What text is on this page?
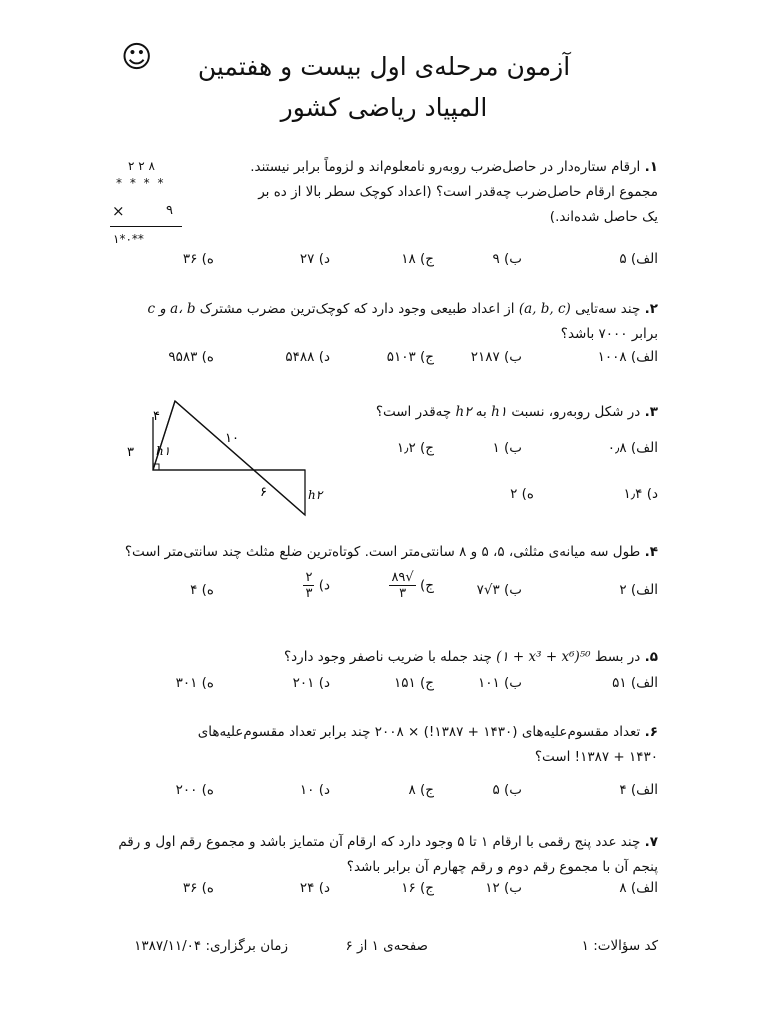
☺	آزمون مرحله‌ی اول بیست و هفتمین
المپیاد ریاضی کشور
۱. ارقام ستاره‌دار در حاصل‌ضرب روبه‌رو نامعلوم‌اند و لزوماً برابر نیستند.
مجموع ارقام حاصل‌ضرب چه‌قدر است؟ (اعداد کوچک سطر بالا از ده بر
یک حاصل شده‌اند.)
۲ ۲ ۸
* * * *
×	۹
۱*۰**
الف) ۵
ب) ۹
ج) ۱۸
د) ۲۷
ه) ۳۶
۲. چند سه‌تایی (a, b, c) از اعداد طبیعی وجود دارد که کوچک‌ترین مضرب مشترک a، b و c
برابر ۷۰۰۰ باشد؟
الف) ۱۰۰۸
ب) ۲۱۸۷
ج) ۵۱۰۳
د) ۵۴۸۸
ه) ۹۵۸۳
۳. در شکل روبه‌رو، نسبت h۱ به h۲ چه‌قدر است؟
الف) ۰٫۸
ب) ۱
ج) ۱٫۲
د) ۱٫۴
ه) ۲
۴
۳
۱۰
۶
h۱
h۲
۴. طول سه میانه‌ی مثلثی، ۵، ۵ و ۸ سانتی‌متر است. کوتاه‌ترین ضلع مثلث چند سانتی‌متر است؟
الف) ۲
ب) ۳√۷
ج)
$\frac{√۸۹}{۳}$
د)
$\frac{۲}{۳}$
ه) ۴
۵. در بسط (۱ + x³ + x⁶)⁵⁰ چند جمله با ضریب ناصفر وجود دارد؟
الف) ۵۱
ب) ۱۰۱
ج) ۱۵۱
د) ۲۰۱
ه) ۳۰۱
۶. تعداد مقسوم‌علیه‌های (۱۴۳۰ + ۱۳۸۷!) × ۲۰۰۸ چند برابر تعداد مقسوم‌علیه‌های
۱۴۳۰ + ۱۳۸۷! است؟
الف) ۴
ب) ۵
ج) ۸
د) ۱۰
ه) ۲۰۰
۷. چند عدد پنج رقمی با ارقام ۱ تا ۵ وجود دارد که ارقام آن متمایز باشد و مجموع رقم اول و رقم
پنجم آن با مجموع رقم دوم و رقم چهارم آن برابر باشد؟
الف) ۸
ب) ۱۲
ج) ۱۶
د) ۲۴
ه) ۳۶
کد سؤالات: ۱
صفحه‌ی ۱ از ۶
زمان برگزاری: ۱۳۸۷/۱۱/۰۴
